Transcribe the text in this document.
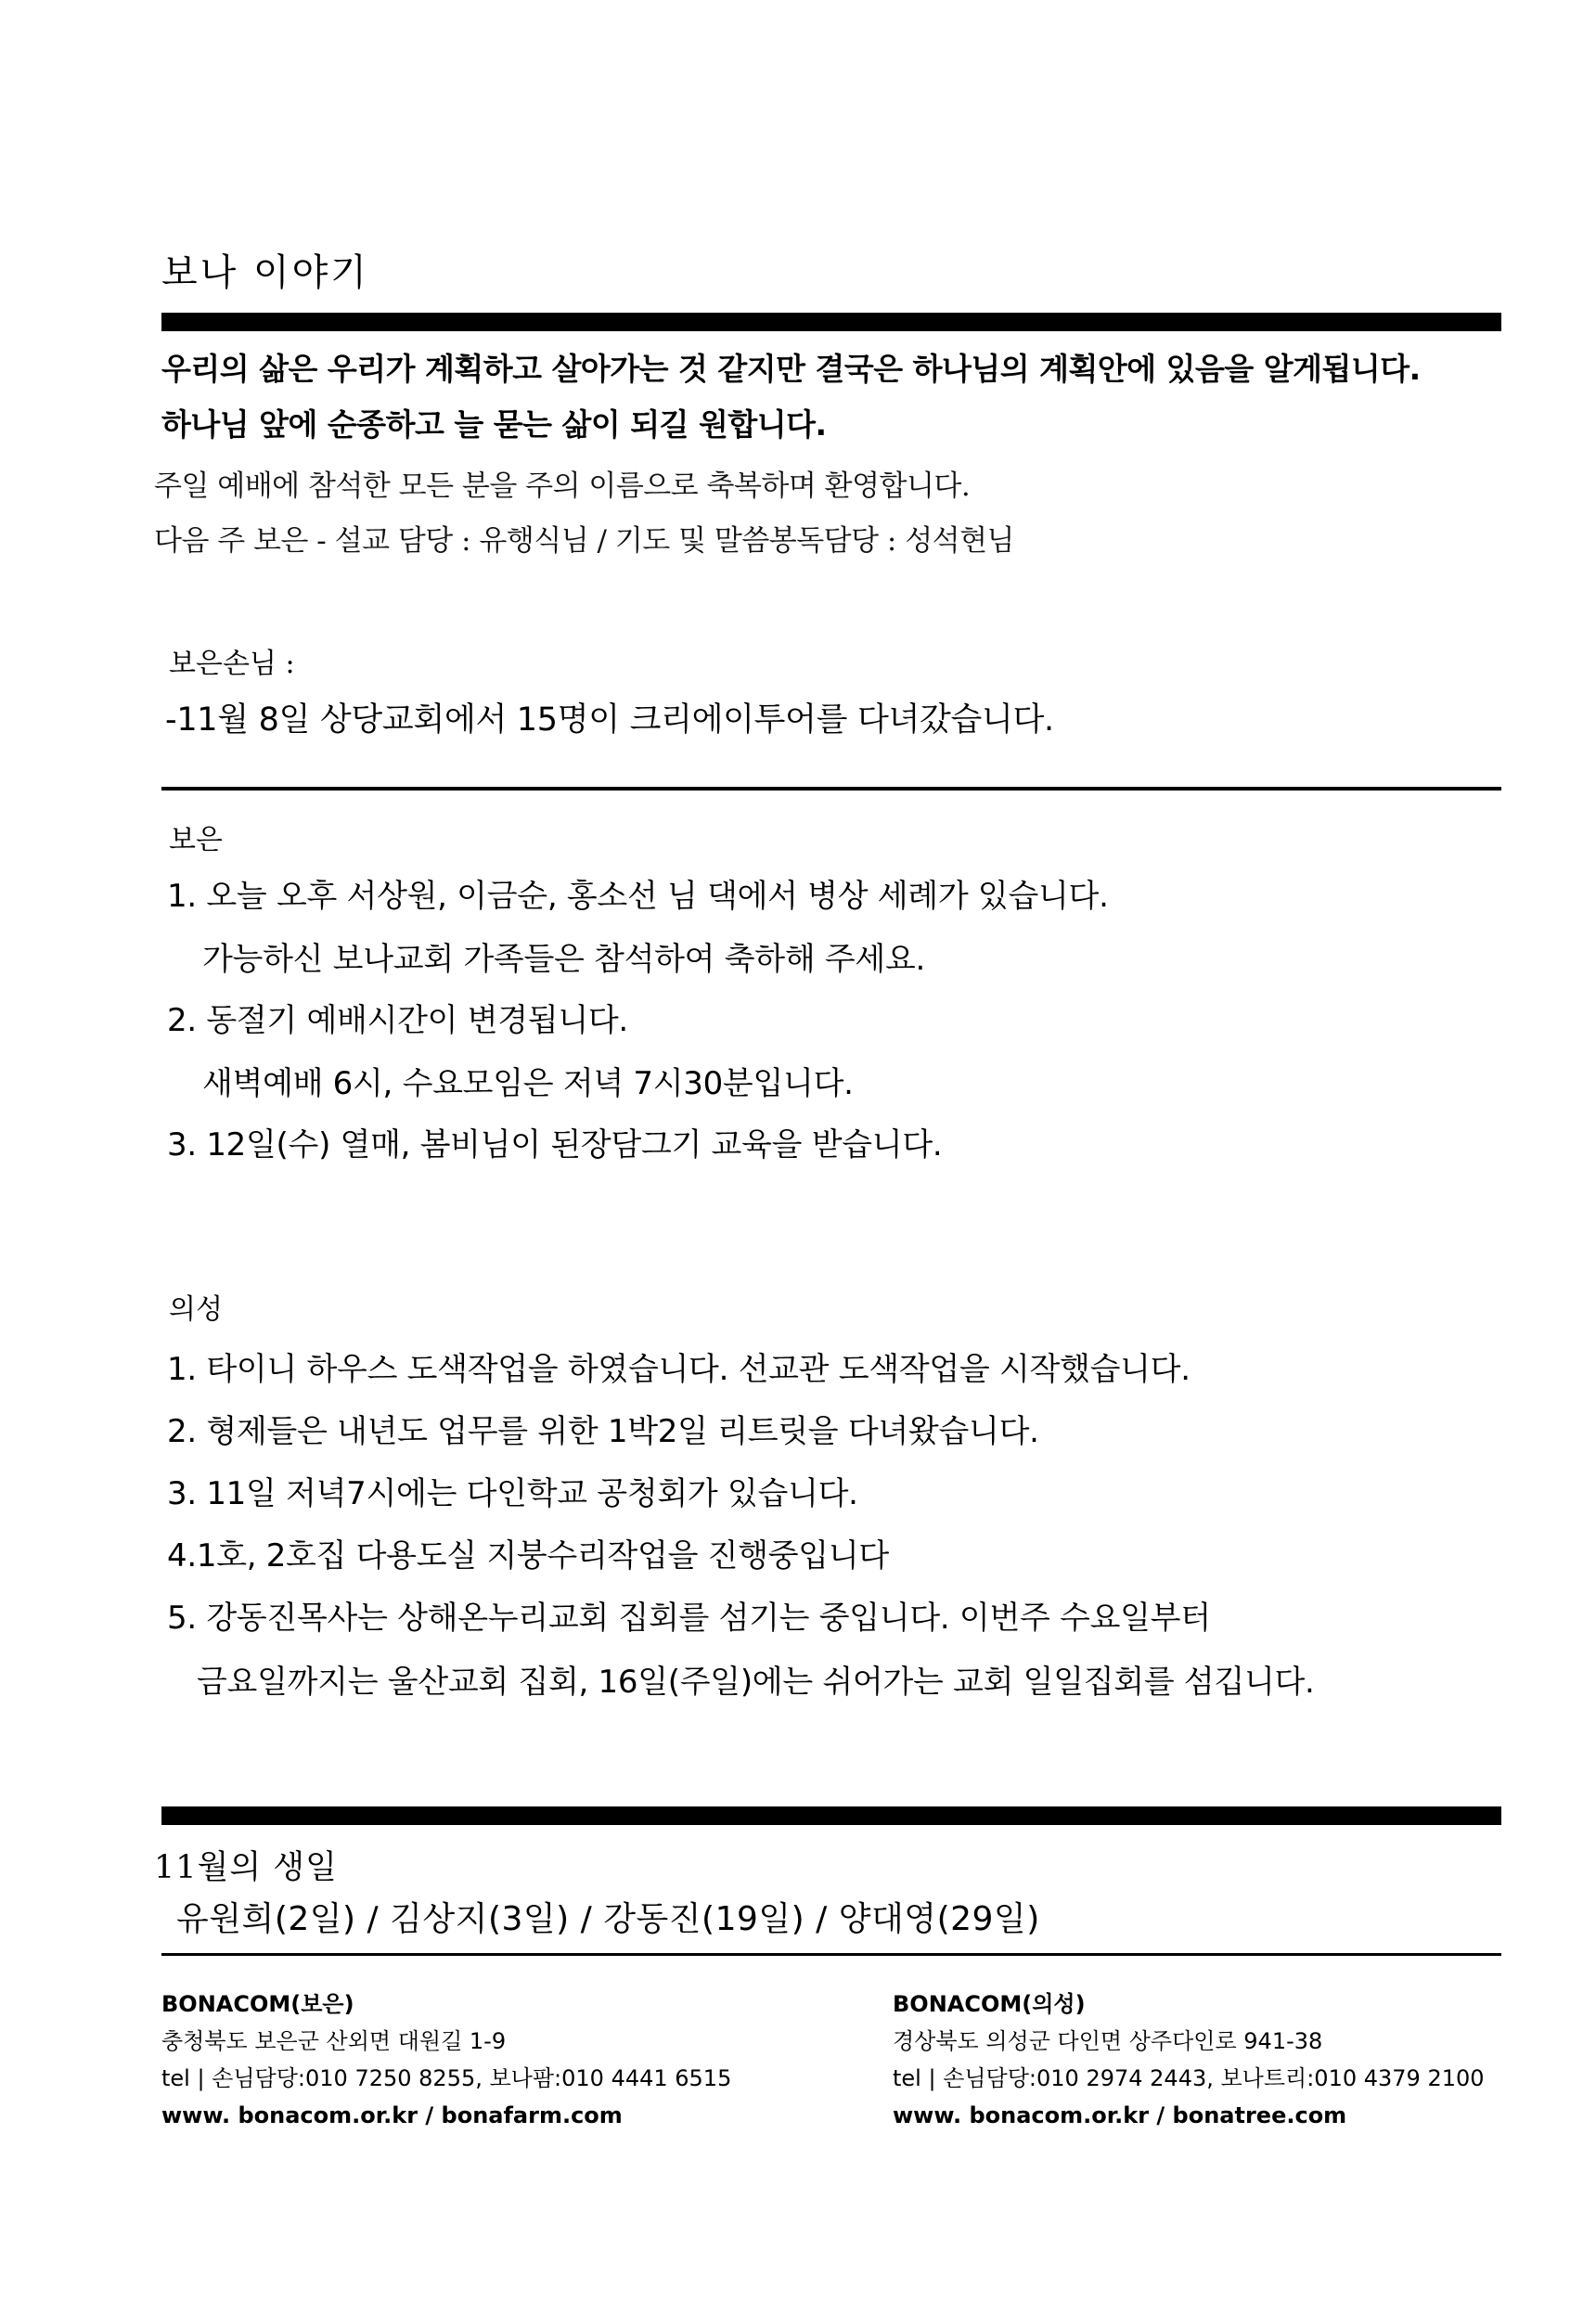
보나 이야기
우리의 삶은 우리가 계획하고 살아가는 것 같지만 결국은 하나님의 계획안에 있음을 알게됩니다.
하나님 앞에 순종하고 늘 묻는 삶이 되길 원합니다.
주일 예배에 참석한 모든 분을 주의 이름으로 축복하며 환영합니다.
다음 주 보은 - 설교 담당 : 유행식님 / 기도 및 말씀봉독담당 : 성석현님
보은손님 :
-11월 8일 상당교회에서 15명이 크리에이투어를 다녀갔습니다.
보은
1. 오늘 오후 서상원, 이금순, 홍소선 님 댁에서 병상 세례가 있습니다.
가능하신 보나교회 가족들은 참석하여 축하해 주세요.
2. 동절기 예배시간이 변경됩니다.
새벽예배 6시, 수요모임은 저녁 7시30분입니다.
3. 12일(수) 열매, 봄비님이 된장담그기 교육을 받습니다.
의성
1. 타이니 하우스 도색작업을 하였습니다. 선교관 도색작업을 시작했습니다.
2. 형제들은 내년도 업무를 위한 1박2일 리트릿을 다녀왔습니다.
3. 11일 저녁7시에는 다인학교 공청회가 있습니다.
4.1호, 2호집 다용도실 지붕수리작업을 진행중입니다
5. 강동진목사는 상해온누리교회 집회를 섬기는 중입니다. 이번주 수요일부터
금요일까지는 울산교회 집회, 16일(주일)에는 쉬어가는 교회 일일집회를 섬깁니다.
11월의 생일
유원희(2일) / 김상지(3일) / 강동진(19일) / 양대영(29일)
BONACOM(보은)
충청북도 보은군 산외면 대원길 1-9
tel | 손님담당:010 7250 8255, 보나팜:010 4441 6515
www. bonacom.or.kr / bonafarm.com
BONACOM(의성)
경상북도 의성군 다인면 상주다인로 941-38
tel | 손님담당:010 2974 2443, 보나트리:010 4379 2100
www. bonacom.or.kr / bonatree.com
